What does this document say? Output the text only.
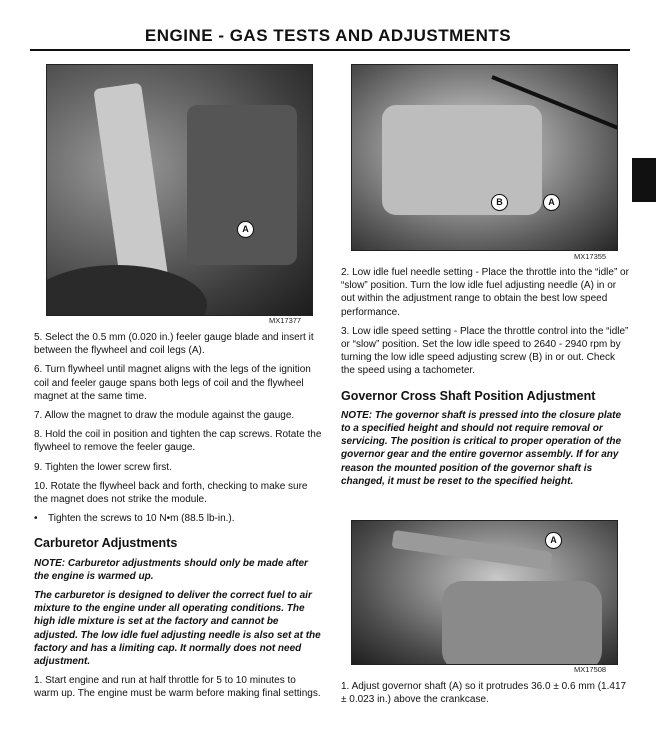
ENGINE - GAS TESTS AND ADJUSTMENTS
A
MX17377
B	A
MX17355
A
MX17508

5. Select the 0.5 mm (0.020 in.) feeler gauge blade and insert it between the flywheel and coil legs (A).

6. Turn flywheel until magnet aligns with the legs of the ignition coil and feeler gauge spans both legs of coil and the flywheel magnet at the same time.

7. Allow the magnet to draw the module against the gauge.

8. Hold the coil in position and tighten the cap screws. Rotate the flywheel to remove the feeler gauge.

9. Tighten the lower screw first.

10. Rotate the flywheel back and forth, checking to make sure the magnet does not strike the module.

• Tighten the screws to 10 N•m (88.5 lb-in.).

Carburetor Adjustments

NOTE: Carburetor adjustments should only be made after the engine is warmed up.

The carburetor is designed to deliver the correct fuel to air mixture to the engine under all operating conditions. The high idle mixture is set at the factory and cannot be adjusted. The low idle fuel adjusting needle is also set at the factory and has a limiting cap. It normally does not need adjustment.

1. Start engine and run at half throttle for 5 to 10 minutes to warm up. The engine must be warm before making final settings.

2. Low idle fuel needle setting - Place the throttle into the “idle” or “slow” position. Turn the low idle fuel adjusting needle (A) in or out within the adjustment range to obtain the best low speed performance.

3. Low idle speed setting - Place the throttle control into the “idle” or “slow” position. Set the low idle speed to 2640 - 2940 rpm by turning the low idle speed adjusting screw (B) in or out. Check the speed using a tachometer.

Governor Cross Shaft Position Adjustment

NOTE: The governor shaft is pressed into the closure plate to a specified height and should not require removal or servicing. The position is critical to proper operation of the governor gear and the entire governor assembly. If for any reason the mounted position of the governor shaft is changed, it must be reset to the specified height.

1. Adjust governor shaft (A) so it protrudes 36.0 ± 0.6 mm (1.417 ± 0.023 in.) above the crankcase.
